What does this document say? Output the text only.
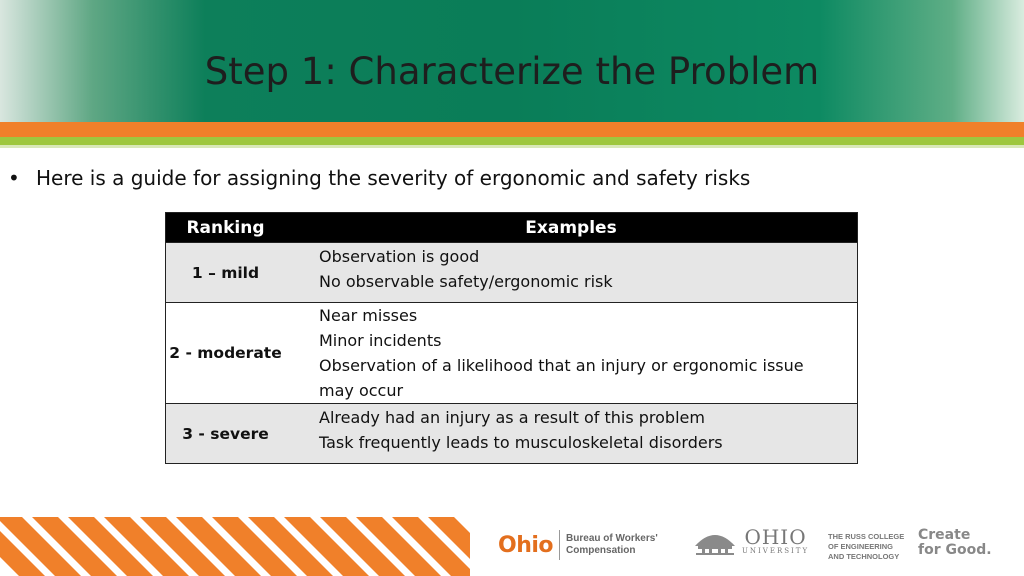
Step 1: Characterize the Problem
• Here is a guide for assigning the severity of ergonomic and safety risks
Ranking	Examples
1 – mild
Observation is good
No observable safety/ergonomic risk
2 - moderate
Near misses
Minor incidents
Observation of a likelihood that an injury or ergonomic issue may occur
3 - severe
Already had an injury as a result of this problem
Task frequently leads to musculoskeletal disorders
Ohio Bureau of Workers'
Compensation
OHIO
UNIVERSITY
THE RUSS COLLEGE
OF ENGINEERING
AND TECHNOLOGY
Create
for Good.
